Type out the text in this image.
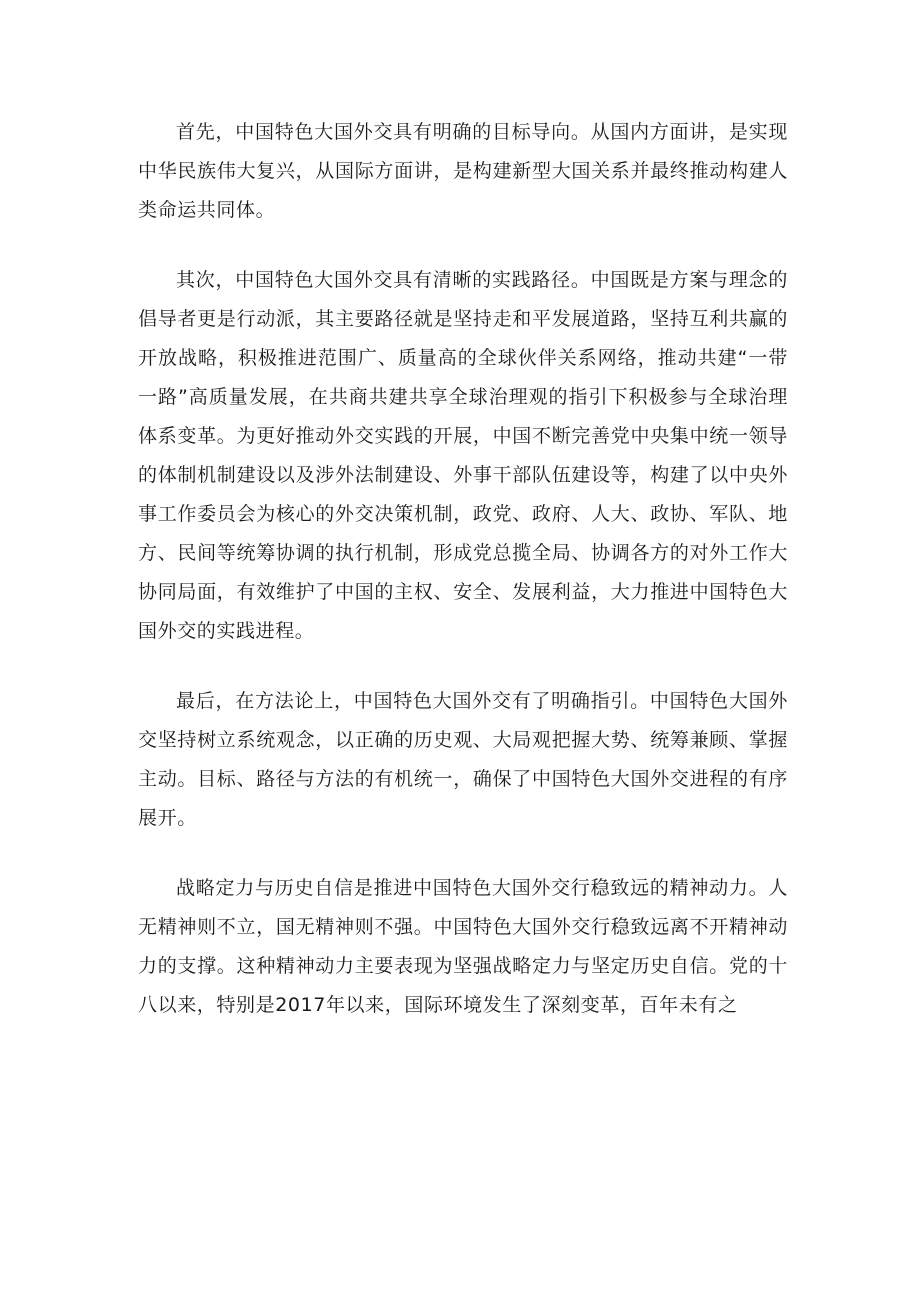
首先，中国特色大国外交具有明确的目标导向。从国内方面讲，是实现中华民族伟大复兴，从国际方面讲，是构建新型大国关系并最终推动构建人类命运共同体。

其次，中国特色大国外交具有清晰的实践路径。中国既是方案与理念的倡导者更是行动派，其主要路径就是坚持走和平发展道路，坚持互利共赢的开放战略，积极推进范围广、质量高的全球伙伴关系网络，推动共建“一带一路”高质量发展，在共商共建共享全球治理观的指引下积极参与全球治理体系变革。为更好推动外交实践的开展，中国不断完善党中央集中统一领导的体制机制建设以及涉外法制建设、外事干部队伍建设等，构建了以中央外事工作委员会为核心的外交决策机制，政党、政府、人大、政协、军队、地方、民间等统筹协调的执行机制，形成党总揽全局、协调各方的对外工作大协同局面，有效维护了中国的主权、安全、发展利益，大力推进中国特色大国外交的实践进程。

最后，在方法论上，中国特色大国外交有了明确指引。中国特色大国外交坚持树立系统观念，以正确的历史观、大局观把握大势、统筹兼顾、掌握主动。目标、路径与方法的有机统一，确保了中国特色大国外交进程的有序展开。

战略定力与历史自信是推进中国特色大国外交行稳致远的精神动力。人无精神则不立，国无精神则不强。中国特色大国外交行稳致远离不开精神动力的支撑。这种精神动力主要表现为坚强战略定力与坚定历史自信。党的十八以来，特别是2017年以来，国际环境发生了深刻变革，百年未有之
